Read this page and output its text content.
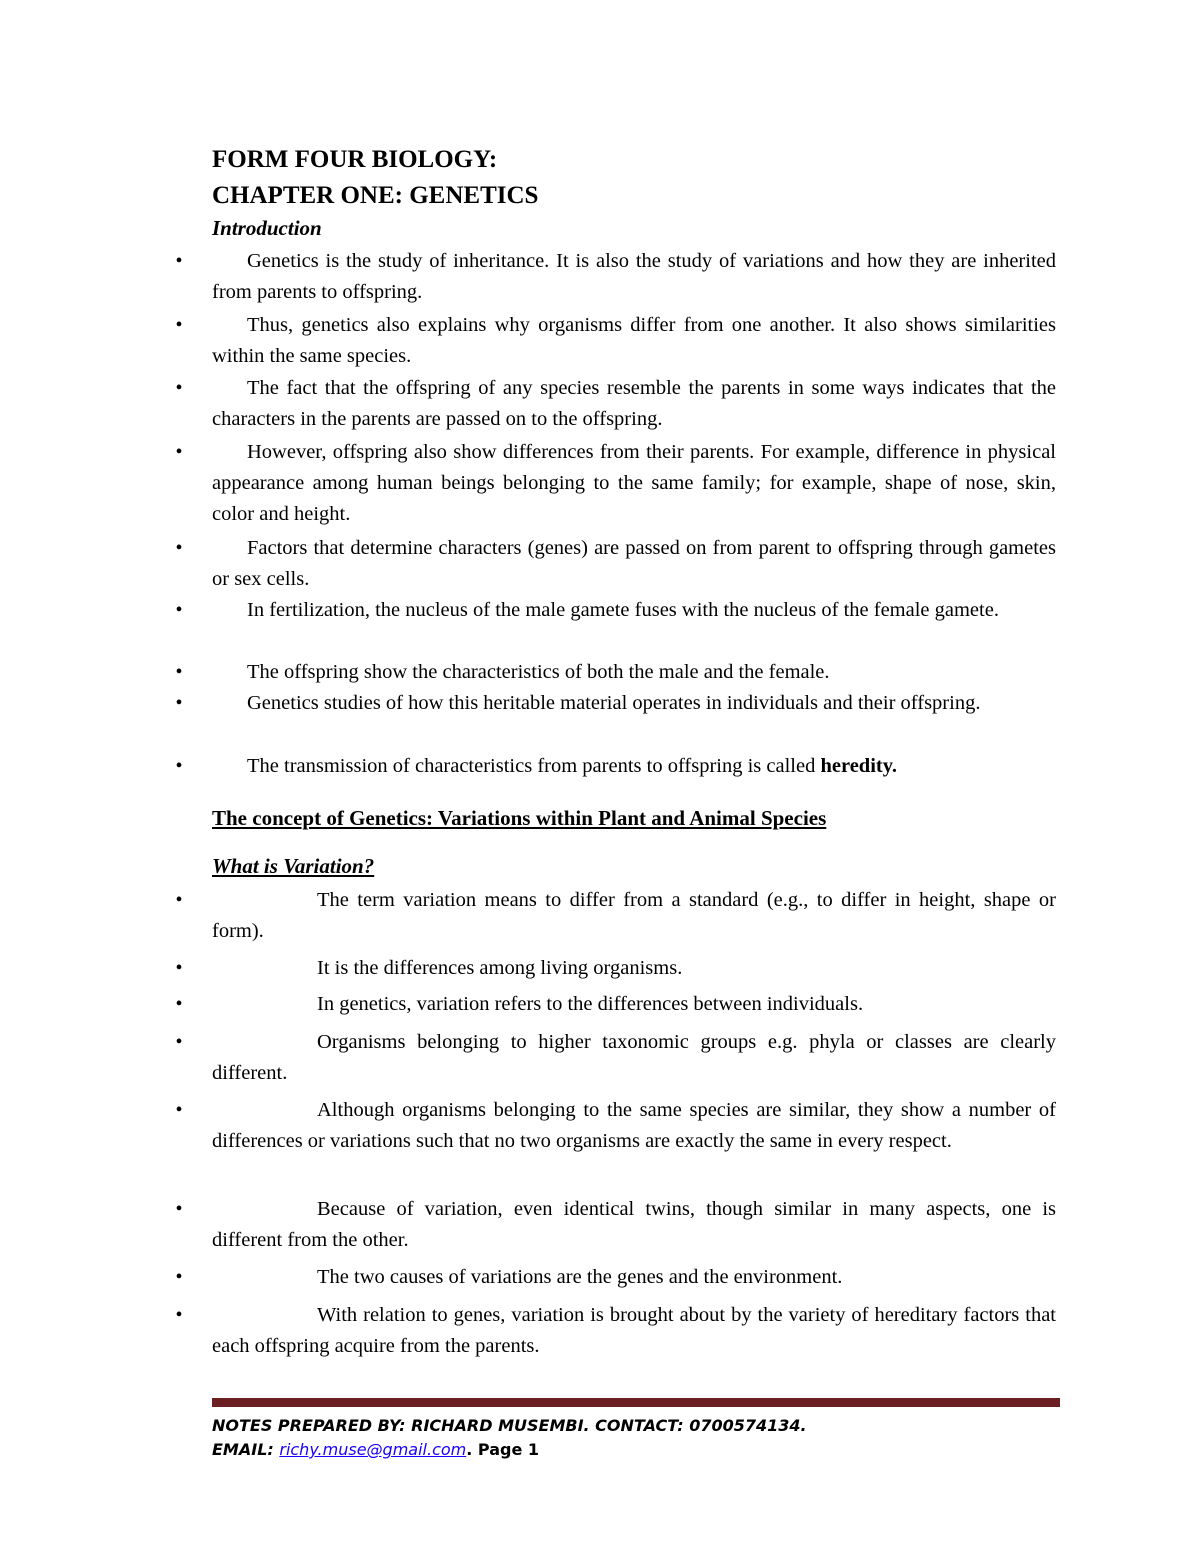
FORM FOUR BIOLOGY:
CHAPTER ONE: GENETICS
Introduction
•	Genetics is the study of inheritance. It is also the study of variations and how they are inherited from parents to offspring.
•	Thus, genetics also explains why organisms differ from one another. It also shows similarities within the same species.
•	The fact that the offspring of any species resemble the parents in some ways indicates that the characters in the parents are passed on to the offspring.
•	However, offspring also show differences from their parents. For example, difference in physical appearance among human beings belonging to the same family; for example, shape of nose, skin, color and height.
•	Factors that determine characters (genes) are passed on from parent to offspring through gametes or sex cells.
•	In fertilization, the nucleus of the male gamete fuses with the nucleus of the female gamete.
•	The offspring show the characteristics of both the male and the female.
•	Genetics studies of how this heritable material operates in individuals and their offspring.
•	The transmission of characteristics from parents to offspring is called heredity.
The concept of Genetics: Variations within Plant and Animal Species
What is Variation?
•	The term variation means to differ from a standard (e.g., to differ in height, shape or form).
•	It is the differences among living organisms.
•	In genetics, variation refers to the differences between individuals.
•	Organisms belonging to higher taxonomic groups e.g. phyla or classes are clearly different.
•	Although organisms belonging to the same species are similar, they show a number of differences or variations such that no two organisms are exactly the same in every respect.
•	Because of variation, even identical twins, though similar in many aspects, one is different from the other.
•	The two causes of variations are the genes and the environment.
•	With relation to genes, variation is brought about by the variety of hereditary factors that each offspring acquire from the parents.
NOTES PREPARED BY: RICHARD MUSEMBI. CONTACT: 0700574134.
EMAIL: richy.muse@gmail.com. Page 1
